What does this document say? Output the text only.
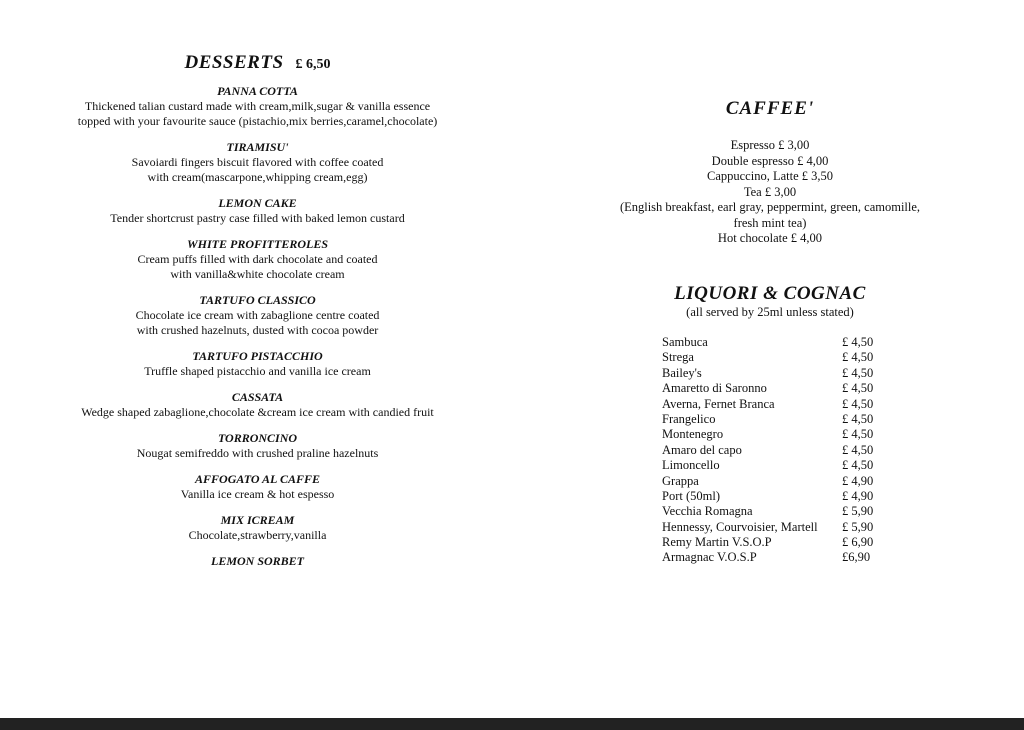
DESSERTS £ 6,50
PANNA COTTA
Thickened talian custard made with cream,milk,sugar & vanilla essence
topped with your favourite sauce (pistachio,mix berries,caramel,chocolate)
TIRAMISU'
Savoiardi fingers biscuit flavored with coffee coated
with cream(mascarpone,whipping cream,egg)
LEMON CAKE
Tender shortcrust pastry case filled with baked lemon custard
WHITE PROFITTEROLES
Cream puffs filled with dark chocolate and coated
with vanilla&white chocolate cream
TARTUFO CLASSICO
Chocolate ice cream with zabaglione centre coated
with crushed hazelnuts, dusted with cocoa powder
TARTUFO PISTACCHIO
Truffle shaped pistacchio and vanilla ice cream
CASSATA
Wedge shaped zabaglione,chocolate &cream ice cream with candied fruit
TORRONCINO
Nougat semifreddo with crushed praline hazelnuts
AFFOGATO AL CAFFE
Vanilla ice cream & hot espesso
MIX ICREAM
Chocolate,strawberry,vanilla
LEMON SORBET
CAFFEE'
Espresso £ 3,00
Double espresso £ 4,00
Cappuccino, Latte £ 3,50
Tea £ 3,00
(English breakfast, earl gray, peppermint, green, camomille,
fresh mint tea)
Hot chocolate £ 4,00
LIQUORI & COGNAC
(all served by 25ml unless stated)
Sambuca	£ 4,50
Strega	£ 4,50
Bailey's	£ 4,50
Amaretto di Saronno	£ 4,50
Averna, Fernet Branca	£ 4,50
Frangelico	£ 4,50
Montenegro	£ 4,50
Amaro del capo	£ 4,50
Limoncello	£ 4,50
Grappa	£ 4,90
Port (50ml)	£ 4,90
Vecchia Romagna	£ 5,90
Hennessy, Courvoisier, Martell £ 5,90
Remy Martin V.S.O.P	£ 6,90
Armagnac V.O.S.P	£6,90
